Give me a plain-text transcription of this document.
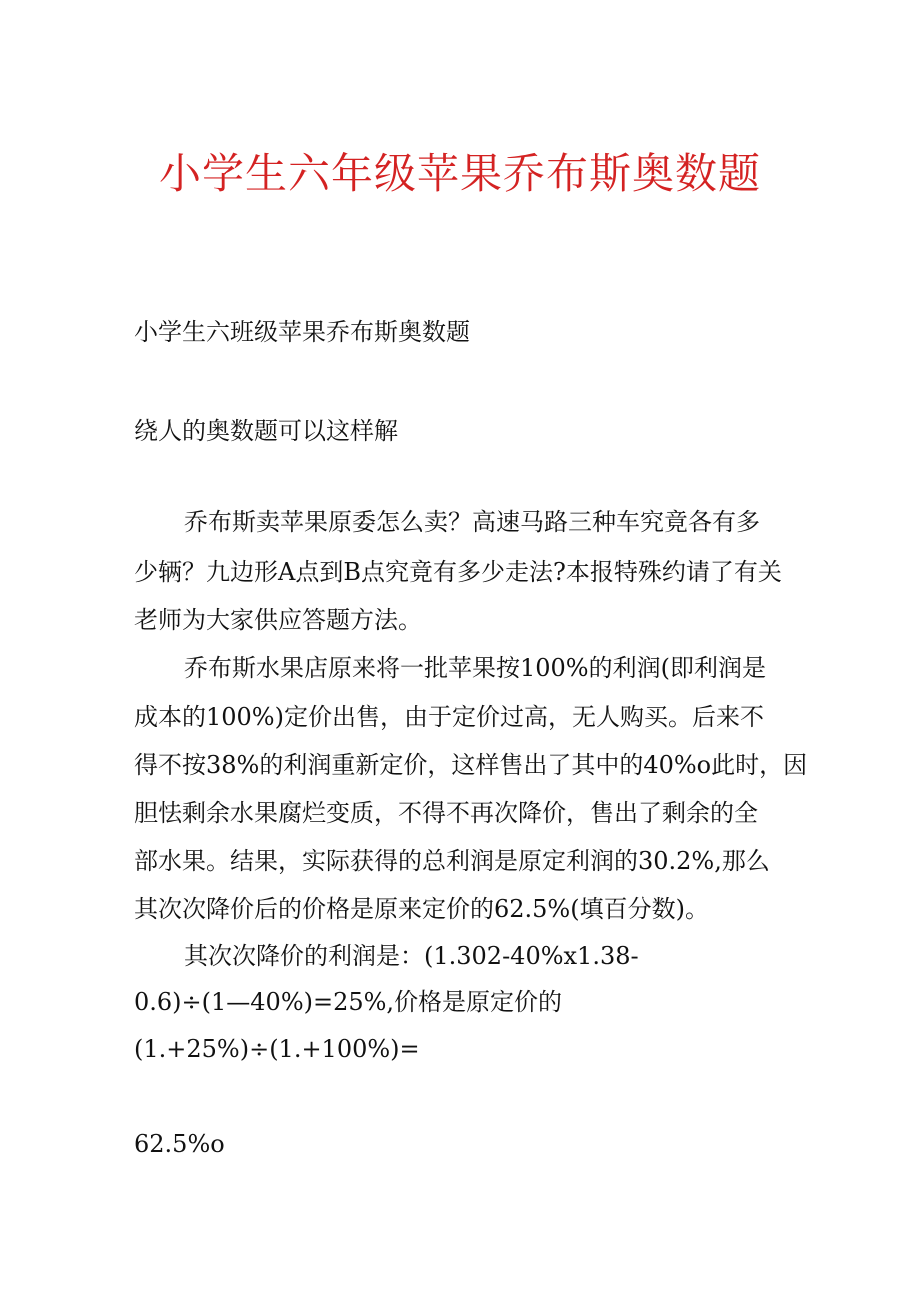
小学生六年级苹果乔布斯奥数题
小学生六班级苹果乔布斯奥数题
绕人的奥数题可以这样解
乔布斯卖苹果原委怎么卖？高速马路三种车究竟各有多
少辆？九边形A点到B点究竟有多少走法?本报特殊约请了有关
老师为大家供应答题方法。
乔布斯水果店原来将一批苹果按100%的利润(即利润是
成本的100%)定价出售，由于定价过高，无人购买。后来不
得不按38%的利润重新定价，这样售出了其中的40%o此时，因
胆怯剩余水果腐烂变质，不得不再次降价，售出了剩余的全
部水果。结果，实际获得的总利润是原定利润的30.2%,那么
其次次降价后的价格是原来定价的62.5%(填百分数)。
其次次降价的利润是：(1.302-40%x1.38-
0.6)÷(1—40%)=25%,价格是原定价的
(1.+25%)÷(1.+100%)=
62.5%o
